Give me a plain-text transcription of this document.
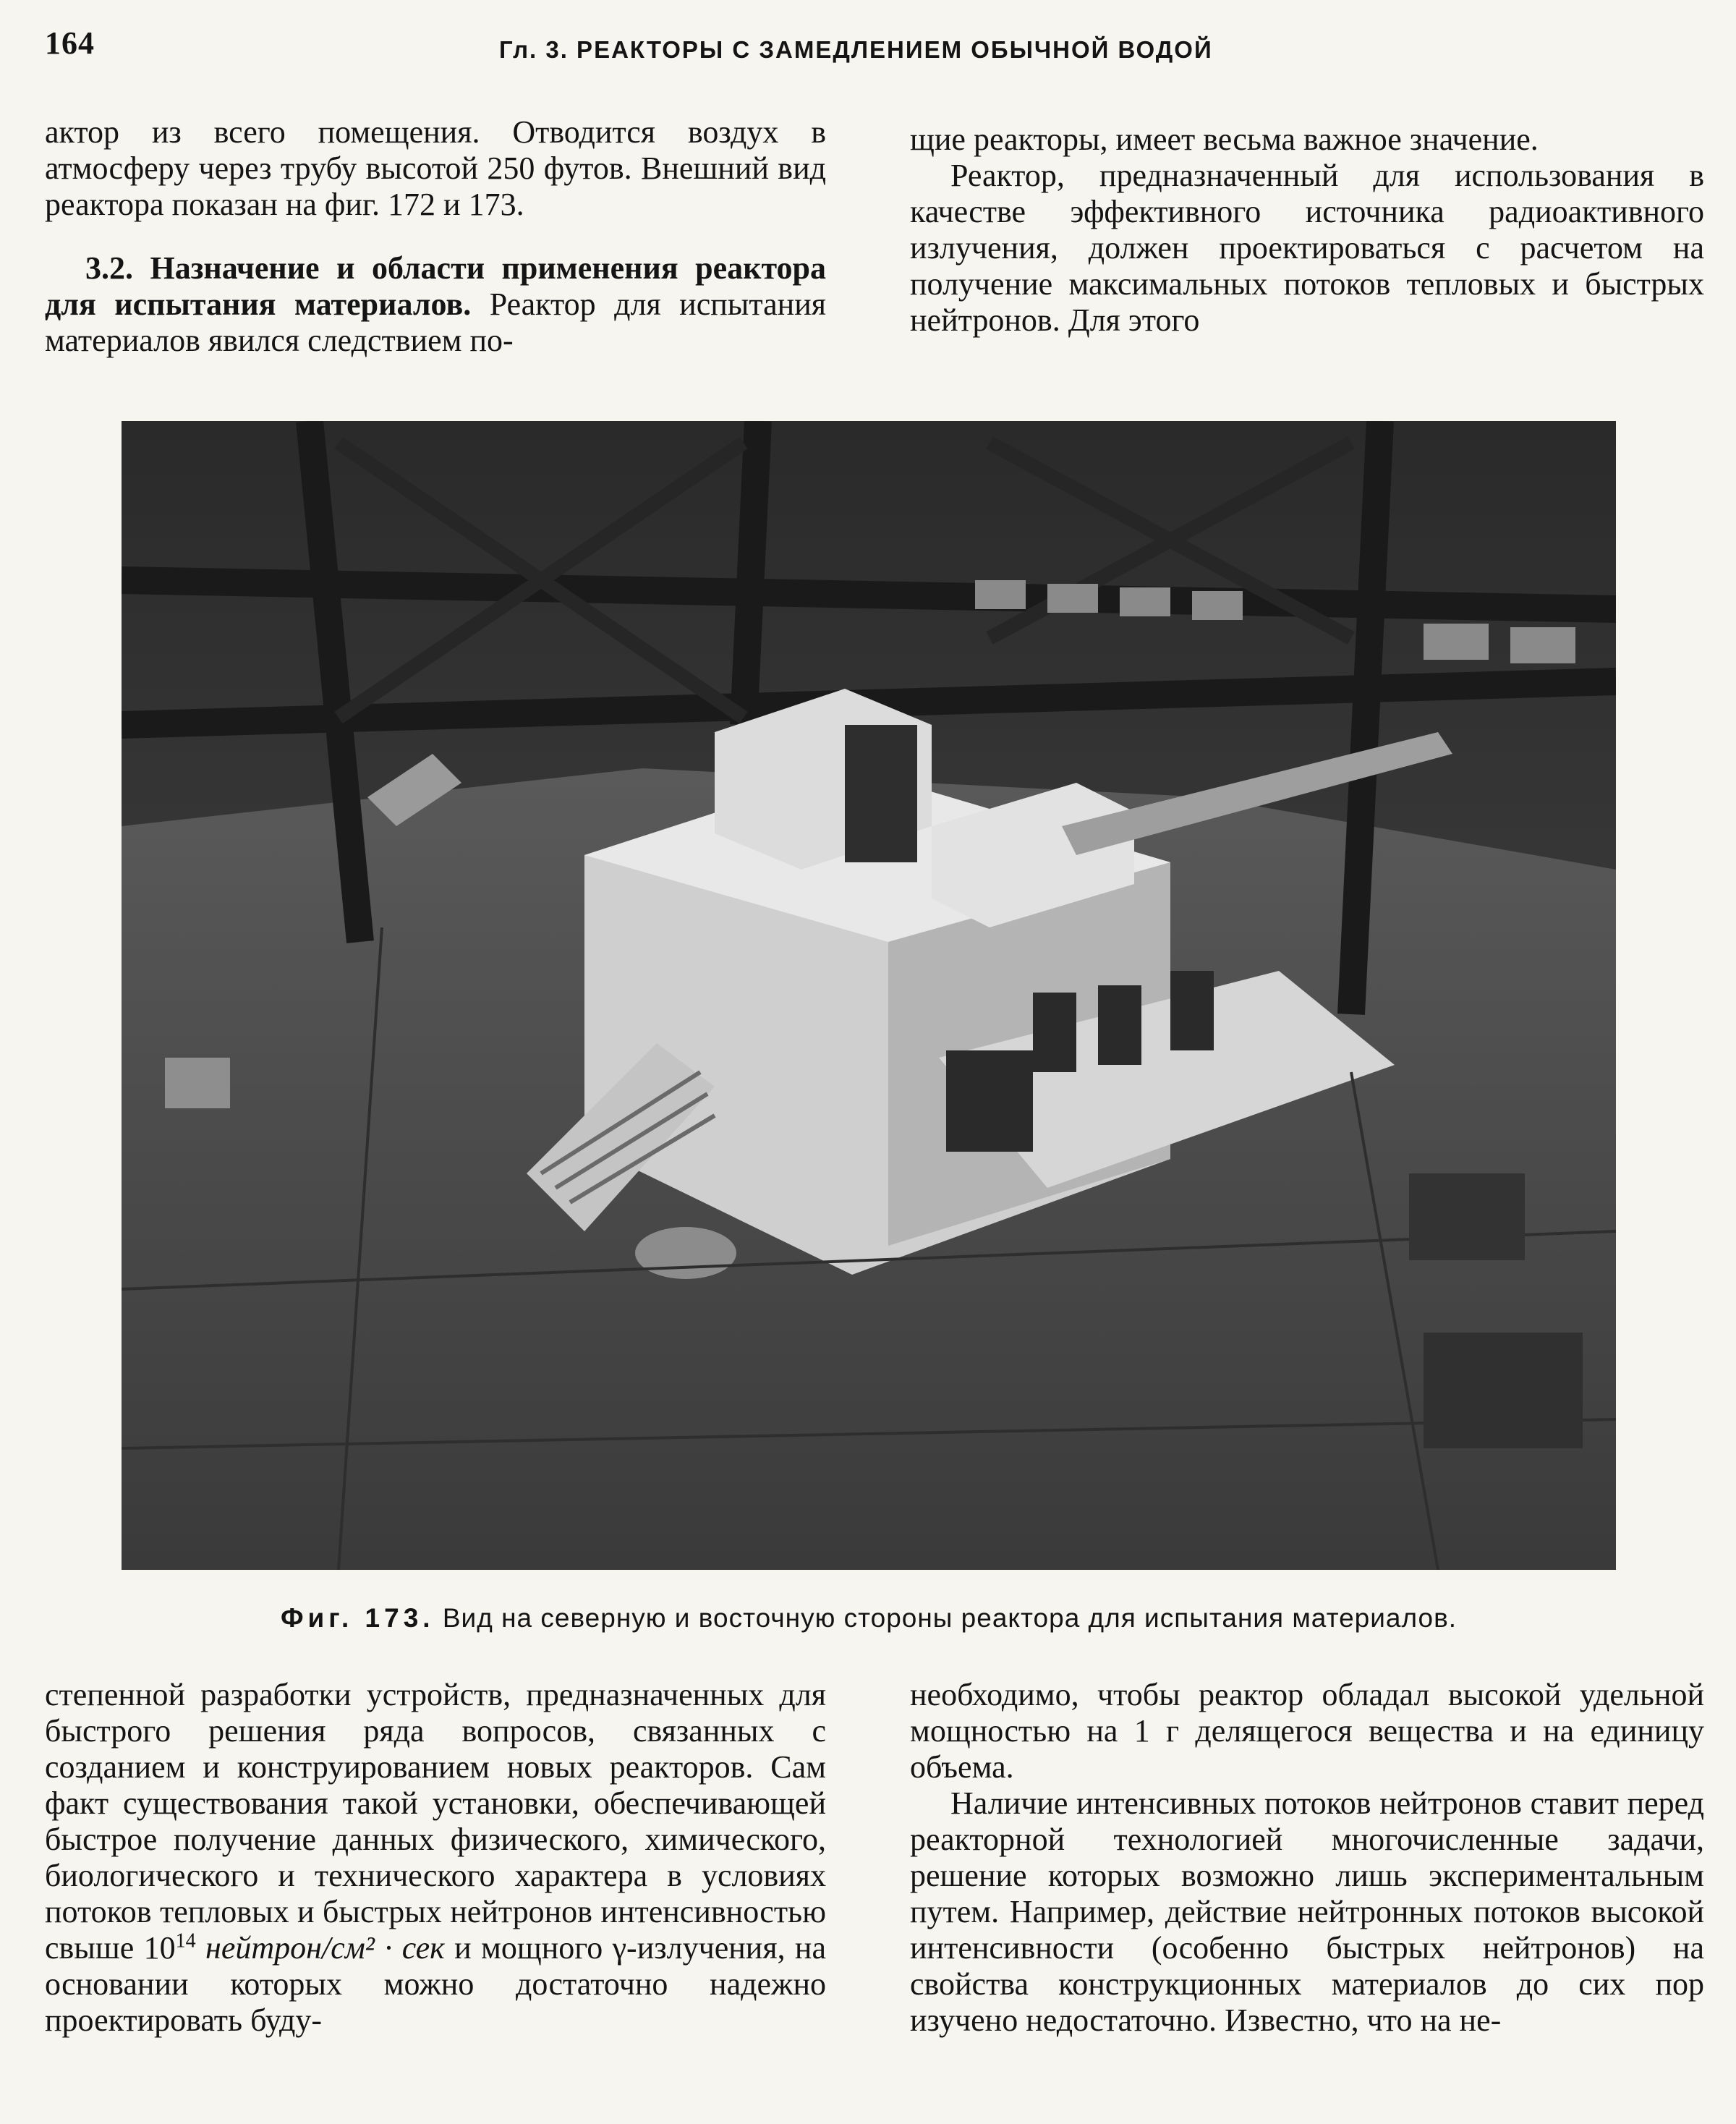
164	Гл. 3. РЕАКТОРЫ С ЗАМЕДЛЕНИЕМ ОБЫЧНОЙ ВОДОЙ

актор из всего помещения. Отводится воздух в атмосферу через трубу высотой 250 футов. Внешний вид реактора показан на фиг. 172 и 173.

3.2. Назначение и области применения реактора для испытания материалов. Реактор для испытания материалов явился следствием по-

щие реакторы, имеет весьма важное значение.

Реактор, предназначенный для использования в качестве эффективного источника радиоактивного излучения, должен проектироваться с расчетом на получение максимальных потоков тепловых и быстрых нейтронов. Для этого

Фиг. 173. Вид на северную и восточную стороны реактора для испытания материалов.

степенной разработки устройств, предназначенных для быстрого решения ряда вопросов, связанных с созданием и конструированием новых реакторов. Сам факт существования такой установки, обеспечивающей быстрое получение данных физического, химического, биологического и технического характера в условиях потоков тепловых и быстрых нейтронов интенсивностью свыше $10^{14}$ нейтрон/см² · сек и мощного γ-излучения, на основании которых можно достаточно надежно проектировать буду-

необходимо, чтобы реактор обладал высокой удельной мощностью на 1 г делящегося вещества и на единицу объема.

Наличие интенсивных потоков нейтронов ставит перед реакторной технологией многочисленные задачи, решение которых возможно лишь экспериментальным путем. Например, действие нейтронных потоков высокой интенсивности (особенно быстрых нейтронов) на свойства конструкционных материалов до сих пор изучено недостаточно. Известно, что на не-
